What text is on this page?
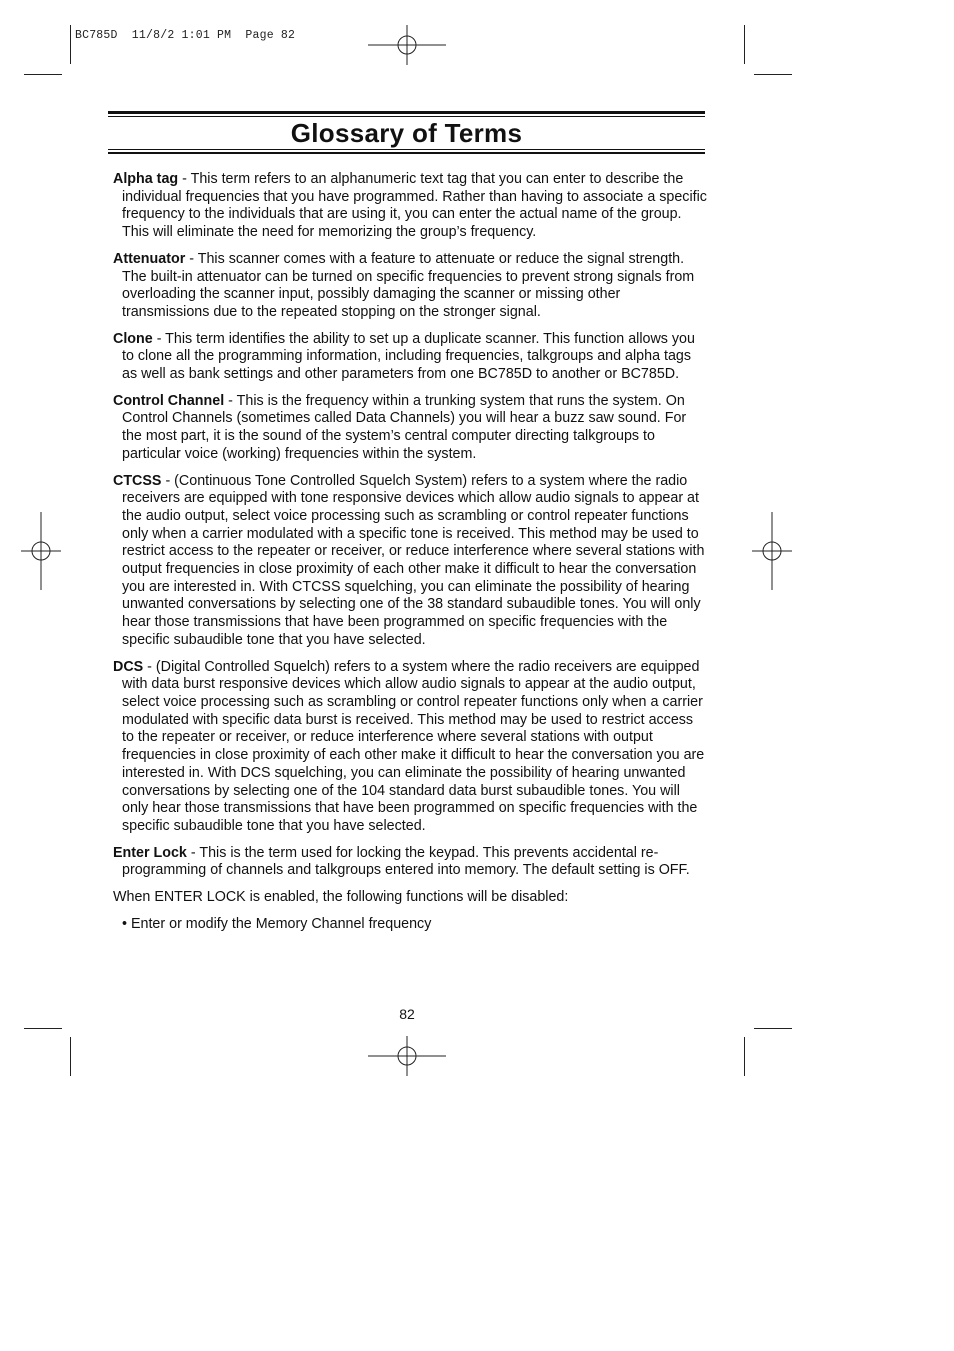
BC785D  11/8/2 1:01 PM  Page 82
Glossary of Terms

Alpha tag - This term refers to an alphanumeric text tag that you can enter to describe the individual frequencies that you have programmed. Rather than having to associate a specific frequency to the individuals that are using it, you can enter the actual name of the group. This will eliminate the need for memorizing the group’s frequency.

Attenuator - This scanner comes with a feature to attenuate or reduce the signal strength. The built-in attenuator can be turned on specific frequencies to prevent strong signals from overloading the scanner input, possibly damaging the scanner or missing other transmissions due to the repeated stopping on the stronger signal.

Clone - This term identifies the ability to set up a duplicate scanner. This function allows you to clone all the programming information, including frequencies, talkgroups and alpha tags as well as bank settings and other parameters from one BC785D to another or BC785D.

Control Channel - This is the frequency within a trunking system that runs the system. On Control Channels (sometimes called Data Channels) you will hear a buzz saw sound. For the most part, it is the sound of the system’s central computer directing talkgroups to particular voice (working) frequencies within the system.

CTCSS - (Continuous Tone Controlled Squelch System) refers to a system where the radio receivers are equipped with tone responsive devices which allow audio signals to appear at the audio output, select voice processing such as scrambling or control repeater functions only when a carrier modulated with a specific tone is received. This method may be used to restrict access to the repeater or receiver, or reduce interference where several stations with output frequencies in close proximity of each other make it difficult to hear the conversation you are interested in. With CTCSS squelching, you can eliminate the possibility of hearing unwanted conversations by selecting one of the 38 standard subaudible tones. You will only hear those transmissions that have been programmed on specific frequencies with the specific subaudible tone that you have selected.

DCS - (Digital Controlled Squelch) refers to a system where the radio receivers are equipped with data burst responsive devices which allow audio signals to appear at the audio output, select voice processing such as scrambling or control repeater functions only when a carrier modulated with specific data burst is received. This method may be used to restrict access to the repeater or receiver, or reduce interference where several stations with output frequencies in close proximity of each other make it difficult to hear the conversation you are interested in. With DCS squelching, you can eliminate the possibility of hearing unwanted conversations by selecting one of the 104 standard data burst subaudible tones. You will only hear those transmissions that have been programmed on specific frequencies with the specific subaudible tone that you have selected.

Enter Lock - This is the term used for locking the keypad. This prevents accidental re-programming of channels and talkgroups entered into memory. The default setting is OFF.

When ENTER LOCK is enabled, the following functions will be disabled:

• Enter or modify the Memory Channel frequency

82
